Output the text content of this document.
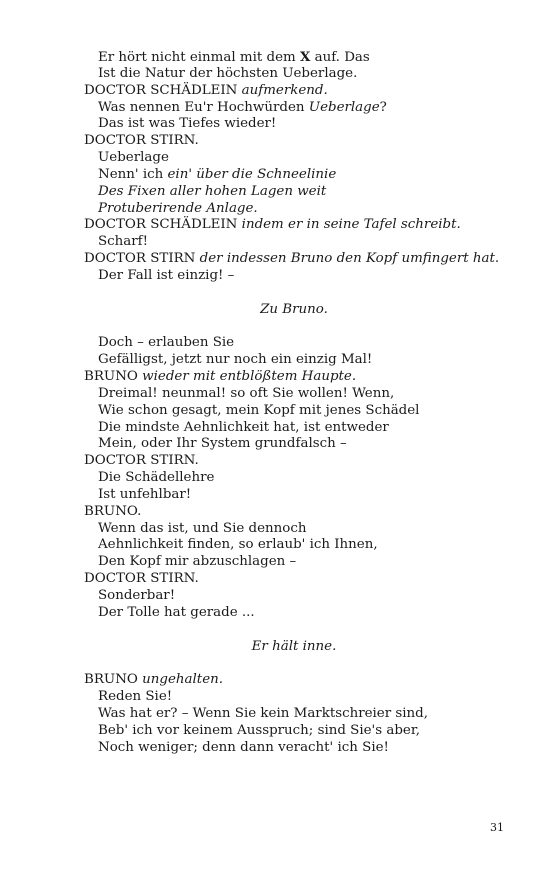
Er hört nicht einmal mit dem X auf. Das
Ist die Natur der höchsten Ueberlage.
DOCTOR SCHÄDLEIN aufmerkend.
Was nennen Eu'r Hochwürden Ueberlage?
Das ist was Tiefes wieder!
DOCTOR STIRN.
Ueberlage
Nenn' ich ein' über die Schneelinie
Des Fixen aller hohen Lagen weit
Protuberirende Anlage.
DOCTOR SCHÄDLEIN indem er in seine Tafel schreibt.
Scharf!
DOCTOR STIRN der indessen Bruno den Kopf umfingert hat.
Der Fall ist einzig! –
Zu Bruno.
Doch – erlauben Sie
Gefälligst, jetzt nur noch ein einzig Mal!
BRUNO wieder mit entblößtem Haupte.
Dreimal! neunmal! so oft Sie wollen! Wenn,
Wie schon gesagt, mein Kopf mit jenes Schädel
Die mindste Aehnlichkeit hat, ist entweder
Mein, oder Ihr System grundfalsch –
DOCTOR STIRN.
Die Schädellehre
Ist unfehlbar!
BRUNO.
Wenn das ist, und Sie dennoch
Aehnlichkeit finden, so erlaub' ich Ihnen,
Den Kopf mir abzuschlagen –
DOCTOR STIRN.
Sonderbar!
Der Tolle hat gerade ...
Er hält inne.
BRUNO ungehalten.
Reden Sie!
Was hat er? – Wenn Sie kein Marktschreier sind,
Beb' ich vor keinem Ausspruch; sind Sie's aber,
Noch weniger; denn dann veracht' ich Sie!
31
